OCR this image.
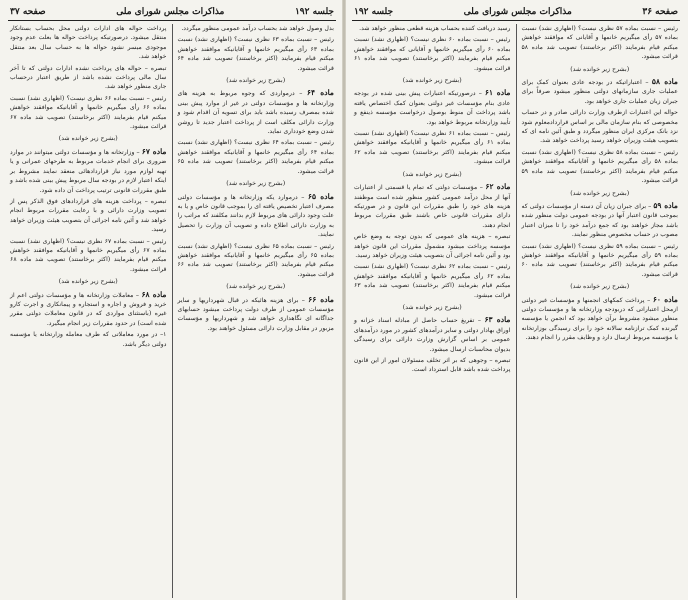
صفحه ۳۷	مذاکرات مجلس شورای ملی	جلسه ۱۹۲
پرداخت حواله های ادارات دولتی محل بحساب بستانکار منتقل میشود. درصورتیکه پرداخت حواله ها بعلت عدم وجود موجودی میسر نشود حواله ها به حساب سال بعد منتقل خواهد شد.
تبصره – حواله های پرداخت نشده ادارات دولتی که تا آخر سال مالی پرداخت نشده باشد از طریق اعتبار درحساب جاری منظور خواهد شد.
رئیس – نسبت بماده ۶۶ نظری نیست؟ (اظهاری نشد) نسبت بماده ۶۶ رأی میگیریم خانمها و آقایانیکه موافقند خواهش میکنم قیام بفرمایند (اکثر برخاستند) تصویب شد ماده ۶۷ قرائت میشود.
(بشرح زیر خوانده شد)
ماده ۶۷ – وزارتخانه ها و مؤسسات دولتی میتوانند در موارد ضروری برای انجام خدمات مربوط به طرحهای عمرانی و یا تهیه لوازم مورد نیاز قراردادهائی منعقد نمایند مشروط بر اینکه اعتبار لازم در بودجه سال مربوط پیش بینی شده باشد و طبق مقررات قانونی ترتیب پرداخت آن داده شود.
تبصره – پرداخت هزینه های قراردادهای فوق الذکر پس از تصویب وزارت دارائی و با رعایت مقررات مربوط انجام خواهد شد و آئین نامه اجرائی آن بتصویب هیئت وزیران خواهد رسید.
رئیس – نسبت بماده ۶۷ نظری نیست؟ (اظهاری نشد) نسبت بماده ۶۷ رأی میگیریم خانمها و آقایانیکه موافقند خواهش میکنم قیام بفرمایند (اکثر برخاستند) تصویب شد ماده ۶۸ قرائت میشود.
(بشرح زیر خوانده شد)
ماده ۶۸ – معاملات وزارتخانه ها و مؤسسات دولتی اعم از خرید و فروش و اجاره و استجاره و پیمانکاری و اجرت کارو غیره (باستثنای مواردی که در قانون معاملات دولتی مقرر شده است) در حدود مقررات زیر انجام میگیرد.
۱– در مورد معاملاتی که طرف معامله وزارتخانه یا مؤسسه دولتی دیگر باشد.
بدل وصول خواهد شد بحساب درآمد عمومی منظور میگردد.
رئیس – نسبت بماده ۶۳ نظری نیست؟ (اظهاری نشد) نسبت بماده ۶۳ رأی میگیریم خانمها و آقایانیکه موافقند خواهش میکنم قیام بفرمایند (اکثر برخاستند) تصویب شد ماده ۶۴ قرائت میشود.
(بشرح زیر خوانده شد)
ماده ۶۴ – درمواردی که وجوه مربوط به هزینه های وزارتخانه ها و مؤسسات دولتی در غیر از موارد پیش بینی شده بمصرف رسیده باشد باید برای تسویه آن اقدام شود و وزارت دارائی مکلف است از پرداخت اعتبار جدید تا روشن شدن وضع خودداری نماید.
رئیس – نسبت بماده ۶۴ نظری نیست؟ (اظهاری نشد) نسبت بماده ۶۴ رأی میگیریم خانمها و آقایانیکه موافقند خواهش میکنم قیام بفرمایند (اکثر برخاستند) تصویب شد ماده ۶۵ قرائت میشود.
(بشرح زیر خوانده شد)
ماده ۶۵ – درموارد یکه وزارتخانه ها و مؤسسات دولتی مصرف اعتبار تخصیص یافته ای را بموجب قانون خاص و یا به علت وجود دارائی های مربوط لازم بدانند مکلفند که مراتب را به وزارت دارائی اطلاع داده و تصویب آن وزارت را تحصیل نمایند.
رئیس – نسبت بماده ۶۵ نظری نیست؟ (اظهاری نشد) نسبت بماده ۶۵ رأی میگیریم خانمها و آقایانیکه موافقند خواهش میکنم قیام بفرمایند (اکثر برخاستند) تصویب شد ماده ۶۶ قرائت میشود.
(بشرح زیر خوانده شد)
ماده ۶۶ – برای هزینه هائیکه در قبال شهرداریها و سایر مؤسسات عمومی از طرف دولت پرداخت میشود حسابهای جداگانه ای نگاهداری خواهد شد و شهرداریها و مؤسسات مزبور در مقابل وزارت دارائی مسئول خواهند بود.
جلسه ۱۹۲	مذاکرات مجلس شورای ملی	صفحه ۳۶
رسید دریافت کننده بحساب هزینه قطعی منظور خواهد شد.
رئیس – نسبت بماده ۶۰ نظری نیست؟ (اظهاری نشد) نسبت بماده ۶۰ رأی میگیریم خانمها و آقایانی که موافقند خواهش میکنم قیام بفرمایند (اکثر برخاستند) تصویب شد ماده ۶۱ قرائت میشود.
(بشرح زیر خوانده شد)
ماده ۶۱ – درصورتیکه اعتبارات پیش بینی شده در بودجه عادی بنام مؤسسات غیر دولتی بعنوان کمک اختصاص یافته باشد پرداخت آن منوط بوصول درخواست مؤسسه ذینفع و تأیید وزارتخانه مربوط خواهد بود.
رئیس – نسبت بماده ۶۱ نظری نیست؟ (اظهاری نشد) نسبت بماده ۶۱ رأی میگیریم خانمها و آقایانیکه موافقند خواهش میکنم قیام بفرمایند (اکثر برخاستند) تصویب شد ماده ۶۲ قرائت میشود.
(بشرح زیر خوانده شد)
ماده ۶۲ – مؤسسات دولتی که تمام یا قسمتی از اعتبارات آنها از محل درآمد عمومی کشور منظور شده است موظفند هزینه های خود را طبق مقررات این قانون و در صورتیکه دارای مقررات قانونی خاص باشند طبق مقررات مربوط انجام دهند.
تبصره – هزینه های عمومی که بدون توجه به وضع خاص مؤسسه پرداخت میشود مشمول مقررات این قانون خواهد بود و آئین نامه اجرائی آن بتصویب هیئت وزیران خواهد رسید.
رئیس – نسبت بماده ۶۲ نظری نیست؟ (اظهاری نشد) نسبت بماده ۶۲ رأی میگیریم خانمها و آقایانیکه موافقند خواهش میکنم قیام بفرمایند (اکثر برخاستند) تصویب شد ماده ۶۳ قرائت میشود.
(بشرح زیر خوانده شد)
ماده ۶۳ – تفریغ حساب حاصل از مبادله اسناد خزانه و اوراق بهادار دولتی و سایر درآمدهای کشور در مورد درآمدهای عمومی بر اساس گزارش وزارت دارائی برای رسیدگی بدیوان محاسبات ارسال میشود.
تبصره – وجوهی که بر اثر تخلف مسئولان امور از این قانون پرداخت شده باشد قابل استرداد است.
رئیس – نسبت بماده ۵۷ نظری نیست؟ (اظهاری نشد) نسبت بماده ۵۷ رأی میگیریم خانمها و آقایانی که موافقند خواهش میکنم قیام بفرمایند (اکثر برخاستند) تصویب شد ماده ۵۸ قرائت میشود.
(بشرح زیر خوانده شد)
ماده ۵۸ – اعتباراتیکه در بودجه عادی بعنوان کمک برای عملیات جاری سازمانهای دولتی منظور میشود صرفاً برای جبران زیان عملیات جاری خواهد بود.
حواله این اعتبارات ازطرف وزارت دارائی صادر و در حساب مخصوصی که بنام سازمان مالی بر اساس قراردادمعلوم شود نزد بانک مرکزی ایران منظور میگردد و طبق آئین نامه ای که بتصویب هیئت وزیران خواهد رسید پرداخت خواهد شد.
رئیس – نسبت بماده ۵۸ نظری نیست؟ (اظهاری نشد) نسبت بماده ۵۸ رأی میگیریم خانمها و آقایانیکه موافقند خواهش میکنم قیام بفرمایند (اکثر برخاستند) تصویب شد ماده ۵۹ قرائت میشود.
(بشرح زیر خوانده شد)
ماده ۵۹ – برای جبران زیان آن دسته از مؤسسات دولتی که بموجب قانون اعتبار آنها در بودجه عمومی دولت منظور شده باشد مجاز خواهند بود که جمع درآمد خود را تا میزان اعتبار مصوب در حساب مخصوص منظور نمایند.
رئیس – نسبت بماده ۵۹ نظری نیست؟ (اظهاری نشد) نسبت بماده ۵۹ رأی میگیریم خانمها و آقایانیکه موافقند خواهش میکنم قیام بفرمایند (اکثر برخاستند) تصویب شد ماده ۶۰ قرائت میشود.
(بشرح زیر خوانده شد)
ماده ۶۰ – پرداخت کمکهای انجمنها و مؤسسات غیر دولتی ازمحل اعتباراتی که دربودجه وزارتخانه ها و مؤسسات دولتی منظور میشود مشروط برآن خواهد بود که انجمن یا مؤسسه گیرنده کمک ترازنامه سالانه خود را برای رسیدگی بوزارتخانه یا مؤسسه مربوط ارسال دارد و وظایف مقرر را انجام دهند.
